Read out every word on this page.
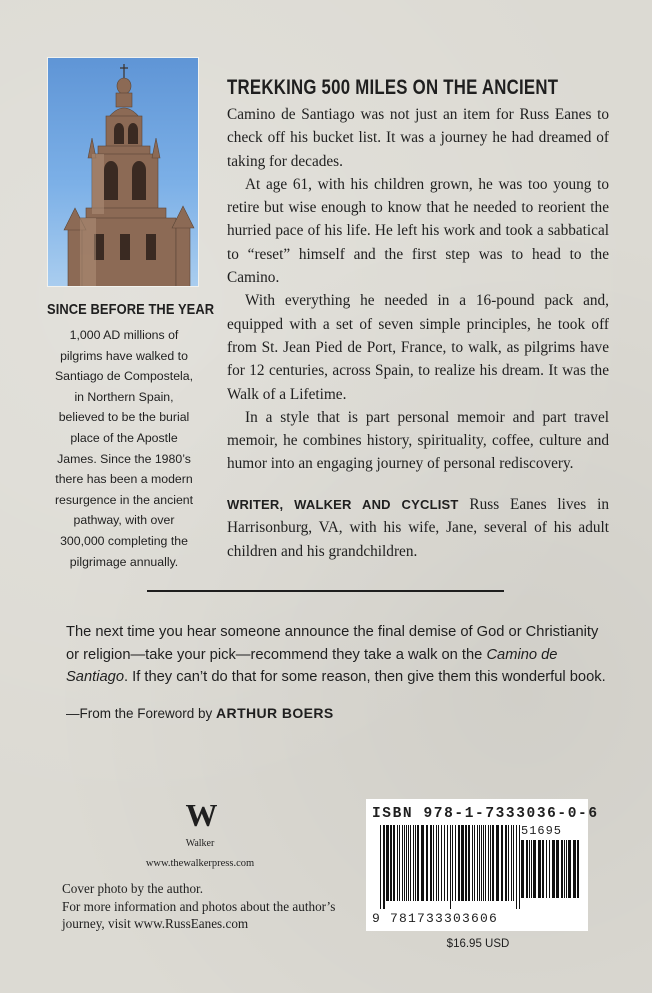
SINCE BEFORE THE YEAR
1,000 AD millions of
pilgrims have walked to
Santiago de Compostela,
in Northern Spain,
believed to be the burial
place of the Apostle
James. Since the 1980’s
there has been a modern
resurgence in the ancient
pathway, with over
300,000 completing the
pilgrimage annually.
TREKKING 500 MILES ON THE ANCIENT

Camino de Santiago was not just an item for Russ Eanes to check off his bucket list. It was a journey he had dreamed of taking for decades.

At age 61, with his children grown, he was too young to retire but wise enough to know that he needed to reorient the hurried pace of his life. He left his work and took a sabbatical to “reset” himself and the first step was to head to the Camino.

With everything he needed in a 16-pound pack and, equipped with a set of seven simple principles, he took off from St. Jean Pied de Port, France, to walk, as pilgrims have for 12 centuries, across Spain, to realize his dream. It was the Walk of a Lifetime.

In a style that is part personal memoir and part travel memoir, he combines history, spirituality, coffee, culture and humor into an engaging journey of personal rediscovery.

WRITER, WALKER AND CYCLIST Russ Eanes lives in Harrisonburg, VA, with his wife, Jane, several of his adult children and his grandchildren.
The next time you hear someone announce the final demise of God or Christianity or religion—take your pick—recommend they take a walk on the Camino de Santiago. If they can’t do that for some reason, then give them this wonderful book.
—From the Foreword by ARTHUR BOERS
W
Walker
www.thewalkerpress.com
Cover photo by the author.
For more information and photos about the author’s journey, visit www.RussEanes.com
ISBN 978-1-7333036-0-6
51695
9 781733303606
$16.95 USD
